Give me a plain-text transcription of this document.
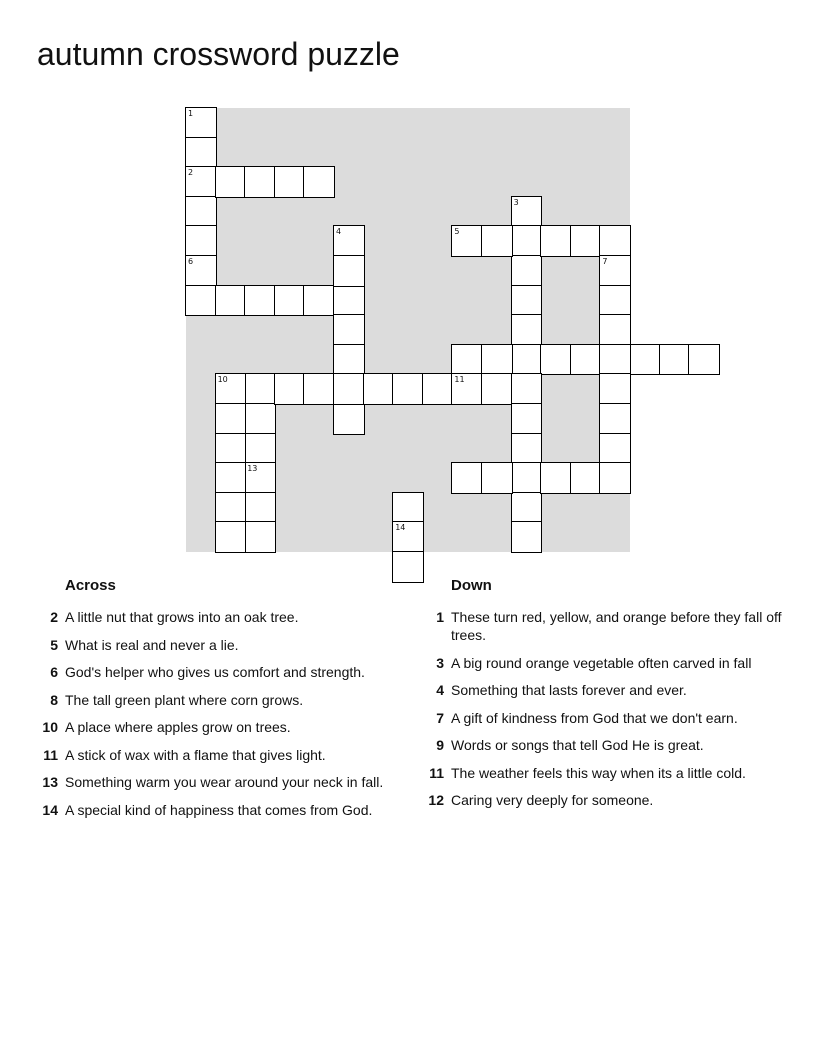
autumn crossword puzzle
1
2
6
4
3
5
13
7
10	11
14
Across
2 A little nut that grows into an oak tree.
5 What is real and never a lie.
6 God's helper who gives us comfort and strength.
8 The tall green plant where corn grows.
10 A place where apples grow on trees.
11 A stick of wax with a flame that gives light.
13 Something warm you wear around your neck in fall.
14 A special kind of happiness that comes from God.
Down
1 These turn red, yellow, and orange before they fall off trees.
3 A big round orange vegetable often carved in fall
4 Something that lasts forever and ever.
7 A gift of kindness from God that we don't earn.
9 Words or songs that tell God He is great.
11 The weather feels this way when its a little cold.
12 Caring very deeply for someone.
